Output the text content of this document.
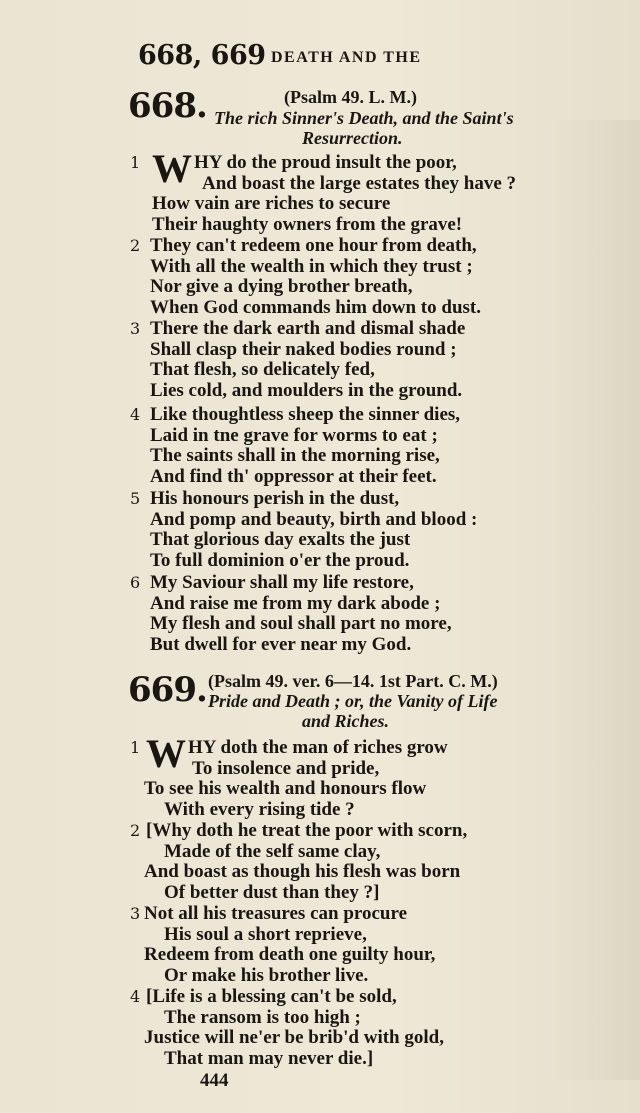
668, 669 DEATH AND THE
668.	(Psalm 49. L. M.)
The rich Sinner's Death, and the Saint's
Resurrection.
1 W HY do the proud insult the poor,
And boast the large estates they have ?
How vain are riches to secure
Their haughty owners from the grave!
2 They can't redeem one hour from death,
With all the wealth in which they trust ;
Nor give a dying brother breath,
When God commands him down to dust.
3 There the dark earth and dismal shade
Shall clasp their naked bodies round ;
That flesh, so delicately fed,
Lies cold, and moulders in the ground.
4 Like thoughtless sheep the sinner dies,
Laid in tne grave for worms to eat ;
The saints shall in the morning rise,
And find th' oppressor at their feet.
5 His honours perish in the dust,
And pomp and beauty, birth and blood :
That glorious day exalts the just
To full dominion o'er the proud.
6 My Saviour shall my life restore,
And raise me from my dark abode ;
My flesh and soul shall part no more,
But dwell for ever near my God.
669. (Psalm 49. ver. 6—14. 1st Part. C. M.)
Pride and Death ; or, the Vanity of Life
and Riches.
1 W HY doth the man of riches grow
To insolence and pride,
To see his wealth and honours flow
With every rising tide ?
2 [Why doth he treat the poor with scorn,
Made of the self same clay,
And boast as though his flesh was born
Of better dust than they ?]
3 Not all his treasures can procure
His soul a short reprieve,
Redeem from death one guilty hour,
Or make his brother live.
4 [Life is a blessing can't be sold,
The ransom is too high ;
Justice will ne'er be brib'd with gold,
That man may never die.]
444
